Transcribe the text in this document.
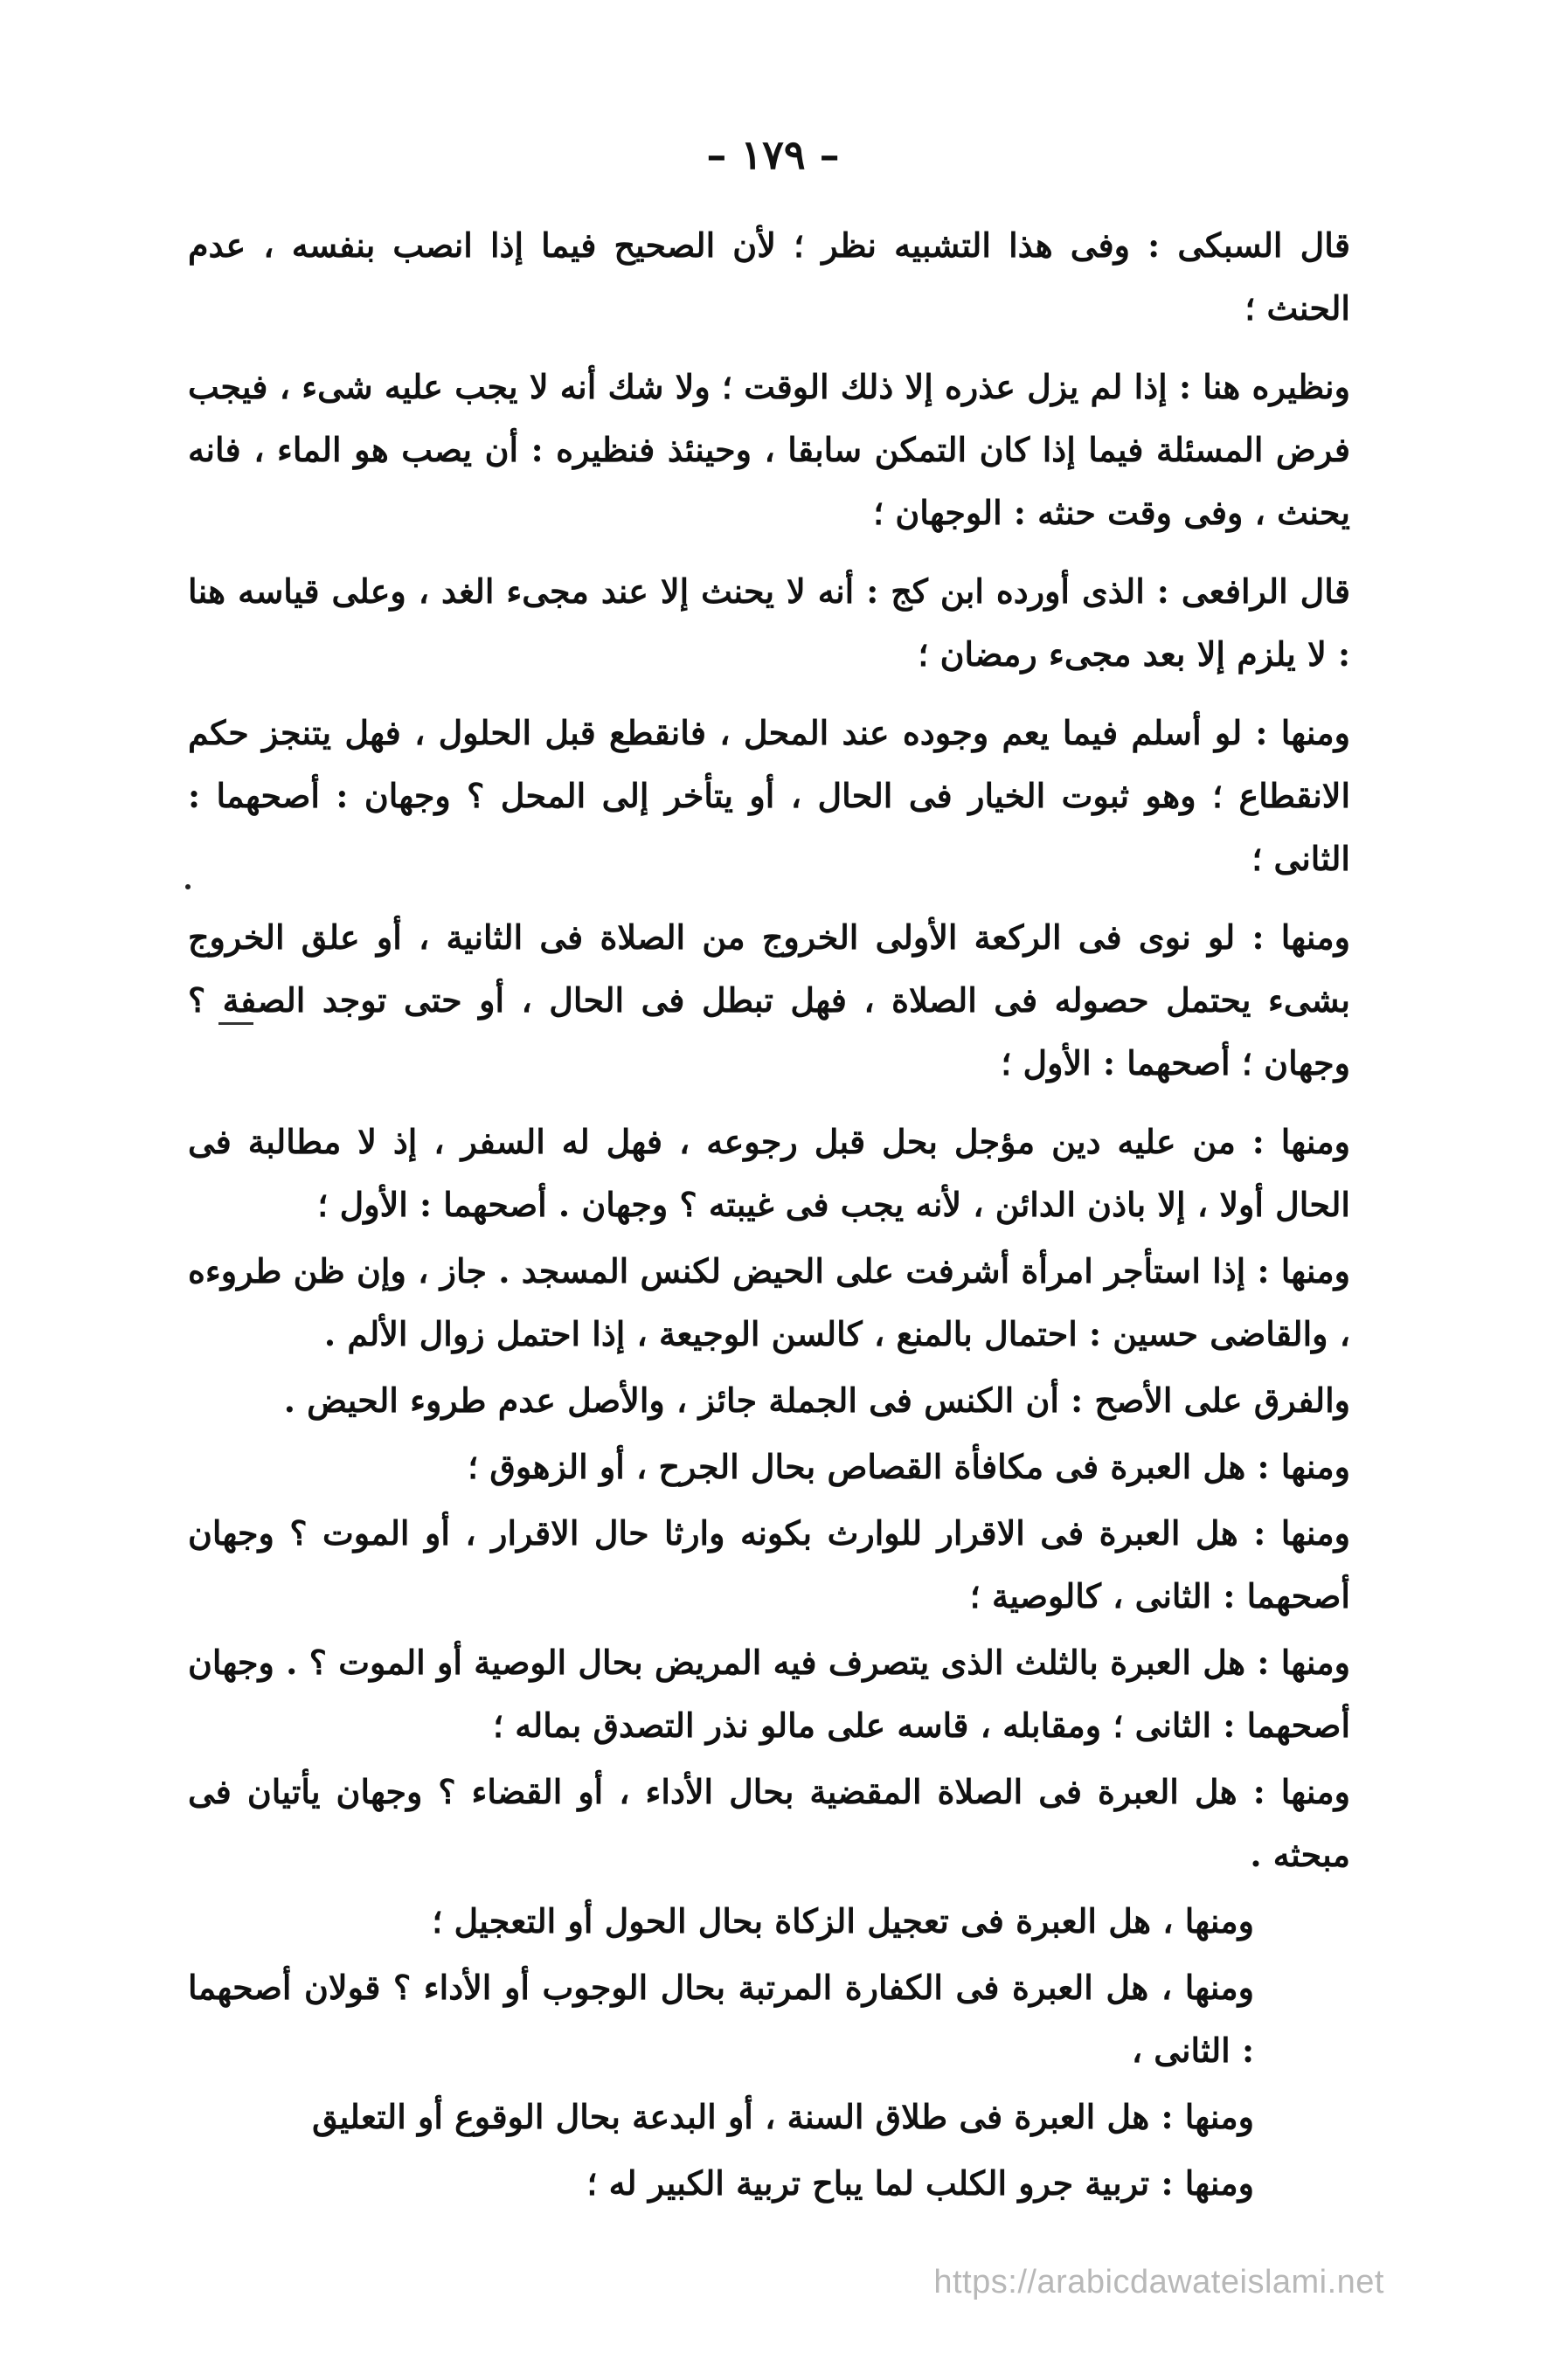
– ۱۷۹ –

قال السبكى : وفى هذا التشبيه نظر ؛ لأن الصحيح فيما إذا انصب بنفسه ، عدم الحنث ؛

ونظيره هنا : إذا لم يزل عذره إلا ذلك الوقت ؛ ولا شك أنه لا يجب عليه شىء ، فيجب فرض المسئلة فيما إذا كان التمكن سابقا ، وحينئذ فنظيره : أن يصب هو الماء ، فانه يحنث ، وفى وقت حنثه : الوجهان ؛

قال الرافعى : الذى أورده ابن كج : أنه لا يحنث إلا عند مجىء الغد ، وعلى قياسه هنا : لا يلزم إلا بعد مجىء رمضان ؛

ومنها : لو أسلم فيما يعم وجوده عند المحل ، فانقطع قبل الحلول ، فهل يتنجز حكم الانقطاع ؛ وهو ثبوت الخيار فى الحال ، أو يتأخر إلى المحل ؟ وجهان : أصحهما : الثانى ؛

ومنها : لو نوى فى الركعة الأولى الخروج من الصلاة فى الثانية ، أو علق الخروج بشىء يحتمل حصوله فى الصلاة ، فهل تبطل فى الحال ، أو حتى توجد الصفة ؟ وجهان ؛ أصحهما : الأول ؛

ومنها : من عليه دين مؤجل بحل قبل رجوعه ، فهل له السفر ، إذ لا مطالبة فى الحال أولا ، إلا باذن الدائن ، لأنه يجب فى غيبته ؟ وجهان . أصحهما : الأول ؛

ومنها : إذا استأجر امرأة أشرفت على الحيض لكنس المسجد . جاز ، وإن ظن طروءه ، والقاضى حسين : احتمال بالمنع ، كالسن الوجيعة ، إذا احتمل زوال الألم .

والفرق على الأصح : أن الكنس فى الجملة جائز ، والأصل عدم طروء الحيض .

ومنها : هل العبرة فى مكافأة القصاص بحال الجرح ، أو الزهوق ؛

ومنها : هل العبرة فى الاقرار للوارث بكونه وارثا حال الاقرار ، أو الموت ؟ وجهان أصحهما : الثانى ، كالوصية ؛

ومنها : هل العبرة بالثلث الذى يتصرف فيه المريض بحال الوصية أو الموت ؟ . وجهان أصحهما : الثانى ؛ ومقابله ، قاسه على مالو نذر التصدق بماله ؛

ومنها : هل العبرة فى الصلاة المقضية بحال الأداء ، أو القضاء ؟ وجهان يأتيان فى مبحثه .

ومنها ، هل العبرة فى تعجيل الزكاة بحال الحول أو التعجيل ؛

ومنها ، هل العبرة فى الكفارة المرتبة بحال الوجوب أو الأداء ؟ قولان أصحهما : الثانى ،

ومنها : هل العبرة فى طلاق السنة ، أو البدعة بحال الوقوع أو التعليق

ومنها : تربية جرو الكلب لما يباح تربية الكبير له ؛

https://arabicdawateislami.net
